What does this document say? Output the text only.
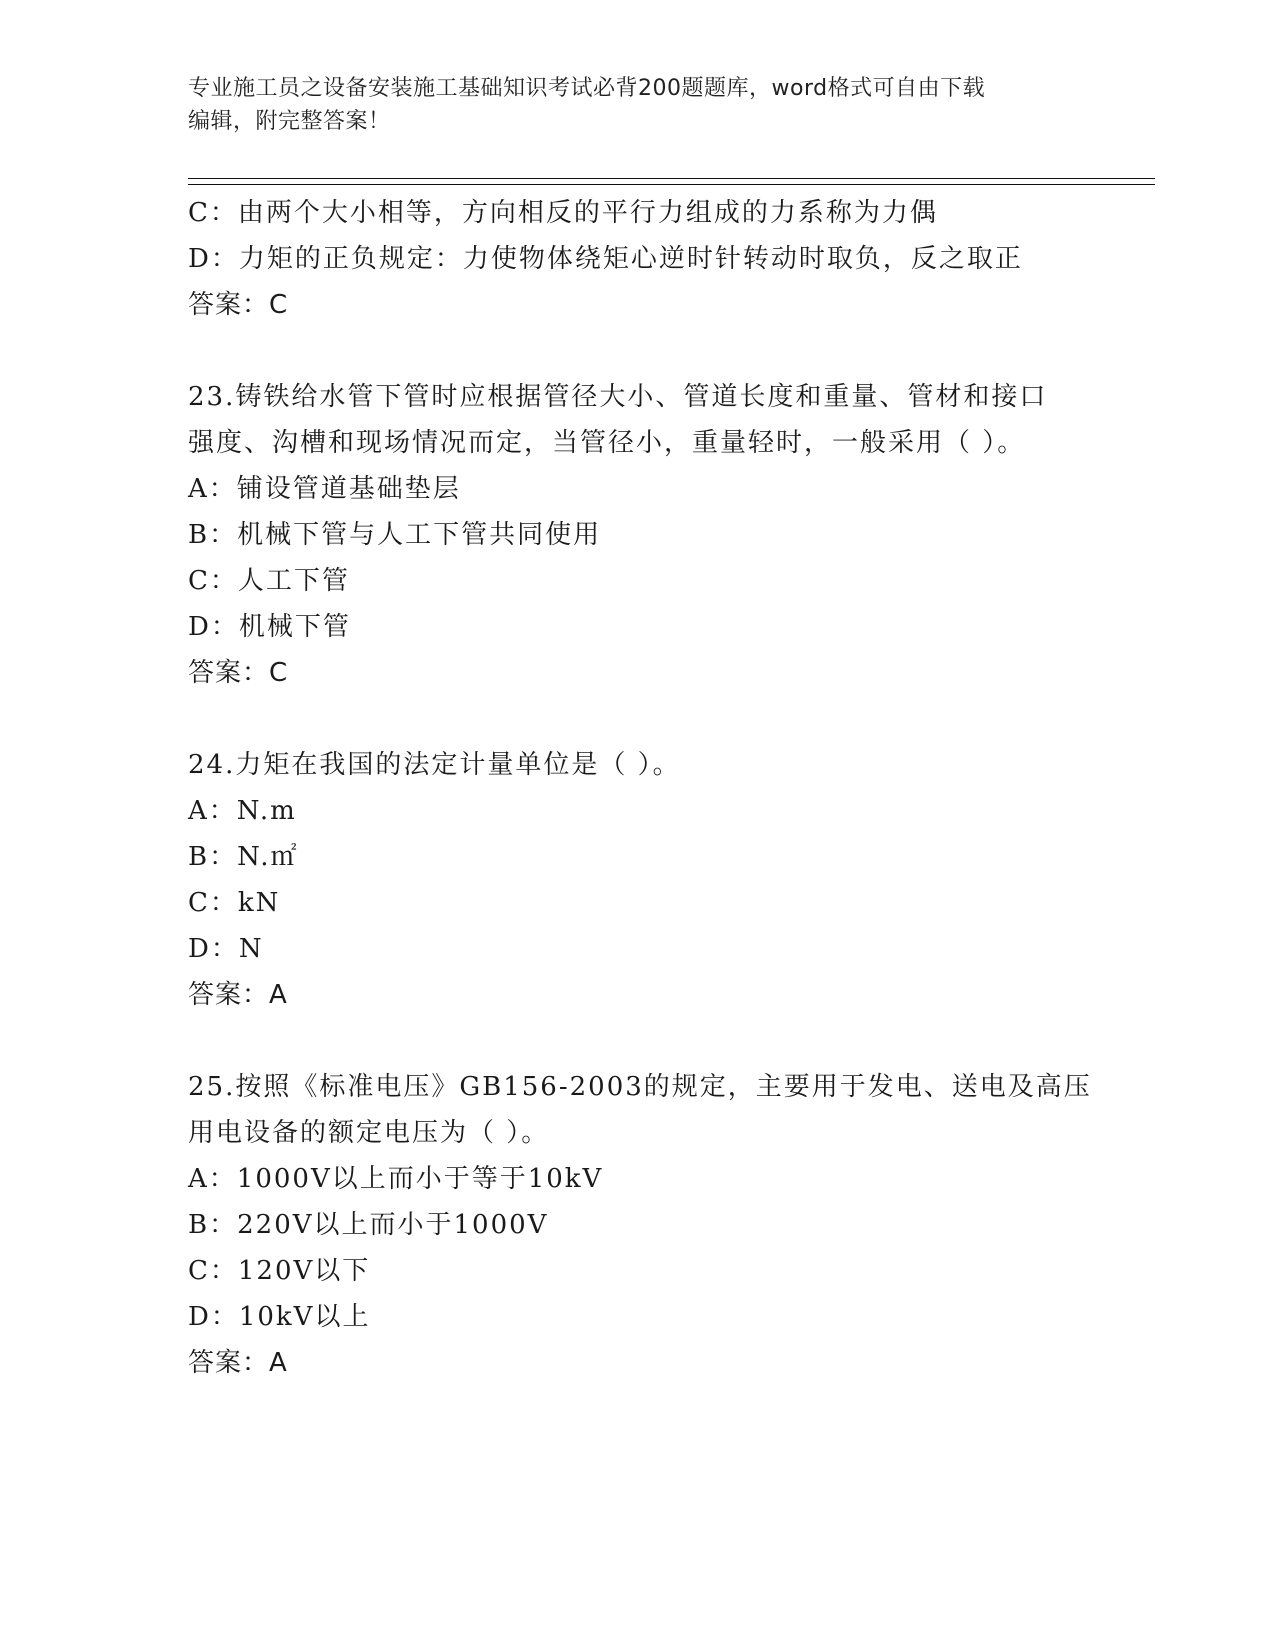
专业施工员之设备安装施工基础知识考试必背200题题库，word格式可自由下载
编辑，附完整答案！
C：由两个大小相等，方向相反的平行力组成的力系称为力偶
D：力矩的正负规定：力使物体绕矩心逆时针转动时取负，反之取正
答案：C
23.铸铁给水管下管时应根据管径大小、管道长度和重量、管材和接口
强度、沟槽和现场情况而定，当管径小，重量轻时，一般采用（ ）。
A：铺设管道基础垫层
B：机械下管与人工下管共同使用
C：人工下管
D：机械下管
答案：C
24.力矩在我国的法定计量单位是（ ）。
A：N.m
B：N.㎡
C：kN
D：N
答案：A
25.按照《标准电压》GB156-2003的规定，主要用于发电、送电及高压
用电设备的额定电压为（ ）。
A：1000V以上而小于等于10kV
B：220V以上而小于1000V
C：120V以下
D：10kV以上
答案：A
